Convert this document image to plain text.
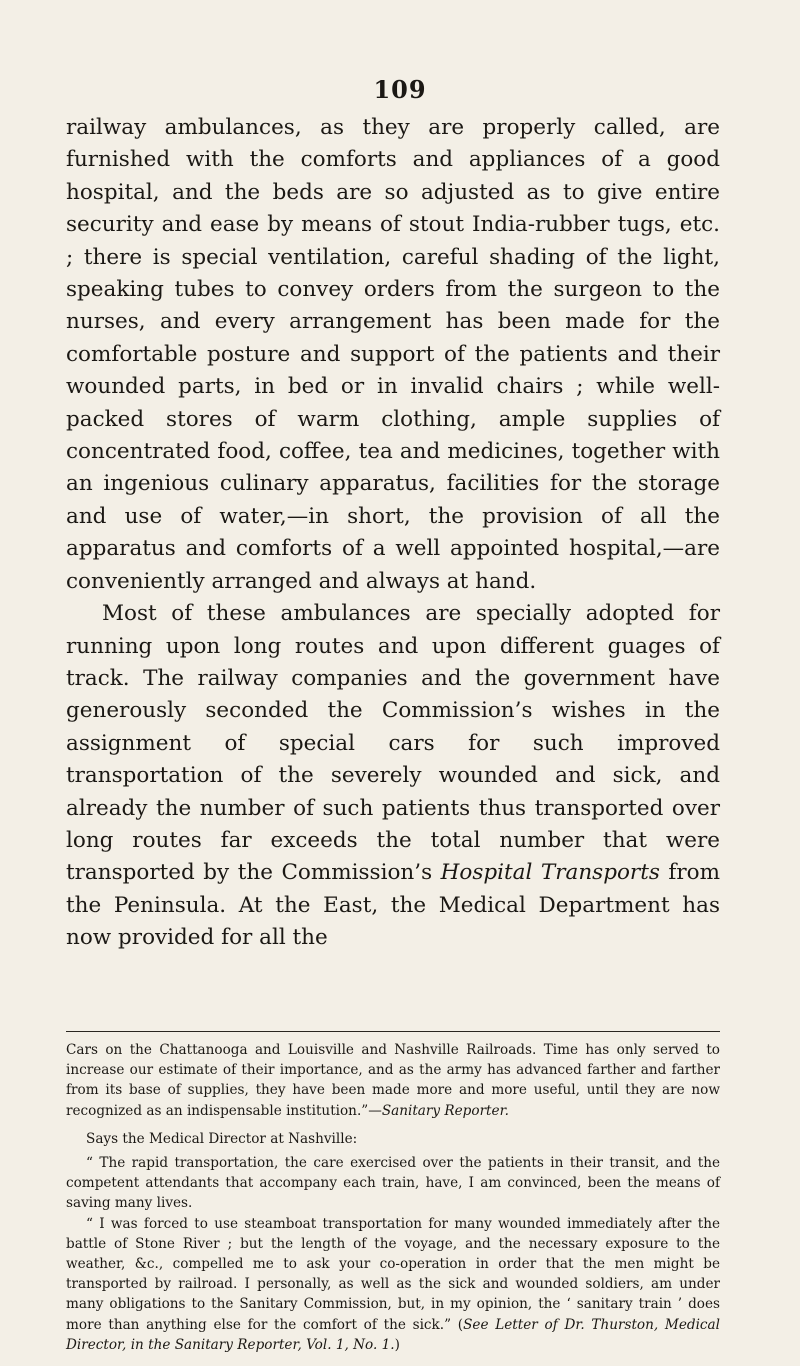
109

railway ambulances, as they are properly called, are furnished with the comforts and appliances of a good hospital, and the beds are so adjusted as to give entire security and ease by means of stout India-rubber tugs, etc. ; there is special ventilation, careful shading of the light, speaking tubes to convey orders from the surgeon to the nurses, and every arrangement has been made for the comfortable posture and support of the patients and their wounded parts, in bed or in invalid chairs ; while well-packed stores of warm clothing, ample supplies of concentrated food, coffee, tea and medicines, together with an ingenious culinary apparatus, facilities for the storage and use of water,—in short, the provision of all the apparatus and comforts of a well appointed hospital,—are conveniently arranged and always at hand.

Most of these ambulances are specially adopted for running upon long routes and upon different guages of track. The railway companies and the government have generously seconded the Commission’s wishes in the assignment of special cars for such improved transportation of the severely wounded and sick, and already the number of such patients thus transported over long routes far exceeds the total number that were transported by the Commission’s Hospital Transports from the Peninsula. At the East, the Medical Department has now provided for all the

Cars on the Chattanooga and Louisville and Nashville Railroads. Time has only served to increase our estimate of their importance, and as the army has advanced farther and farther from its base of supplies, they have been made more and more useful, until they are now recognized as an indispensable institution.”—Sanitary Reporter.

Says the Medical Director at Nashville:

“ The rapid transportation, the care exercised over the patients in their transit, and the competent attendants that accompany each train, have, I am convinced, been the means of saving many lives.

“ I was forced to use steamboat transportation for many wounded immediately after the battle of Stone River ; but the length of the voyage, and the necessary exposure to the weather, &c., compelled me to ask your co-operation in order that the men might be transported by railroad. I personally, as well as the sick and wounded soldiers, am under many obligations to the Sanitary Commission, but, in my opinion, the ‘ sanitary train ’ does more than anything else for the comfort of the sick.” (See Letter of Dr. Thurston, Medical Director, in the Sanitary Reporter, Vol. 1, No. 1.)
